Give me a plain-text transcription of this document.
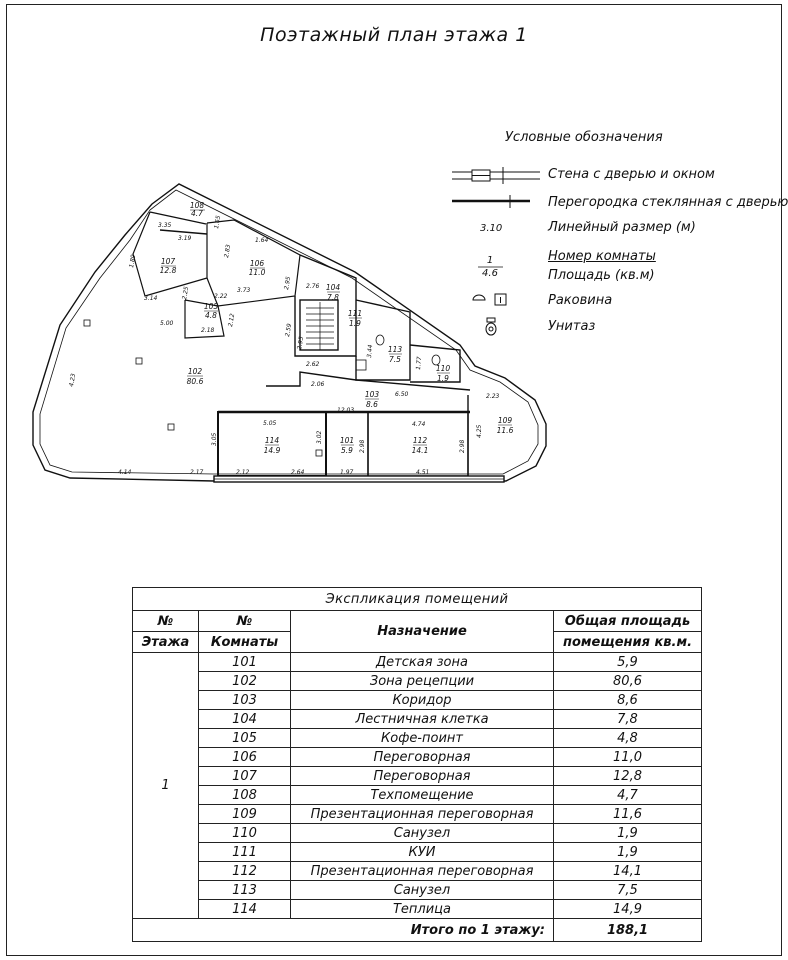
Поэтажный план этажа 1
Условные обозначения
108
4.7
107
12.8
106
11.0
105
4.8
104
7.8
111
1.9
113
7.5
110
1.9
102
80.6
103
8.6
109
11.6
114
14.9
101
5.9
112
14.1
3.35	1.65
3.19
2.83
1.64
1.89
3.14	2.25	2.22
3.73
2.95 2.76
2.12
5.00
2.18	2.59
2.95
2.62
3.44
1.77
2.23
4.23	2.06
6.50
12.03
4.74
5.05
3.02
2.98	2.98
4.25
3.05
4.14	2.17	2.12	2.64	1.97	4.51
3.10
1
4.6
Стена с дверью и окном
Перегородка стеклянная с дверью
Линейный размер (м)
Номер комнаты
Площадь (кв.м)
Раковина
Унитаз
Экспликация помещений			
№	№	Назначение	Общая площадь
Этажа	Комнаты		помещения кв.м.
1	101	Детская зона	5,9
	102	Зона рецепции	80,6
	103	Коридор	8,6
	104	Лестничная клетка	7,8
	105	Кофе-поинт	4,8
	106	Переговорная	11,0
	107	Переговорная	12,8
	108	Техпомещение	4,7
	109	Презентационная переговорная	11,6
	110	Санузел	1,9
	111	КУИ	1,9
	112	Презентационная переговорная	14,1
	113	Санузел	7,5
	114	Теплица	14,9
Итого по 1 этажу:			188,1
